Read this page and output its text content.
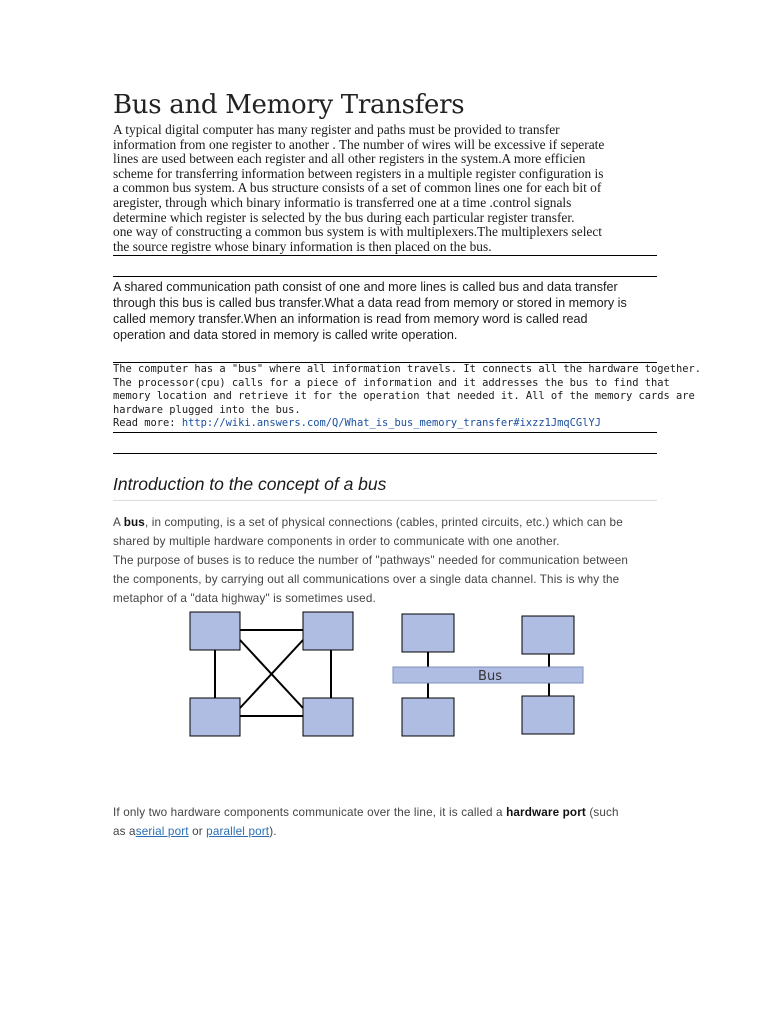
Bus and Memory Transfers
A typical digital computer has many register and paths must be provided to transfer
information from one register to another . The number of wires will be excessive if seperate
lines are used between each register and all other registers in the system.A more efficien
scheme for transferring information between registers in a multiple register configuration is
a common bus system. A bus structure consists of a set of common lines one for each bit of
aregister, through which binary informatio is transferred one at a time .control signals
determine which register is selected by the bus during each particular register transfer.
one way of constructing a common bus system is with multiplexers.The multiplexers select
the source registre whose binary information is then placed on the bus.
A shared communication path consist of one and more lines is called bus and data transfer
through this bus is called bus transfer.What a data read from memory or stored in memory is
called memory transfer.When an information is read from memory word is called read
operation and data stored in memory is called write operation.
The computer has a "bus" where all information travels. It connects all the hardware together.
The processor(cpu) calls for a piece of information and it addresses the bus to find that
memory location and retrieve it for the operation that needed it. All of the memory cards are
hardware plugged into the bus.
Read more: http://wiki.answers.com/Q/What_is_bus_memory_transfer#ixzz1JmqCGlYJ
Introduction to the concept of a bus
A bus, in computing, is a set of physical connections (cables, printed circuits, etc.) which can be
shared by multiple hardware components in order to communicate with one another.
The purpose of buses is to reduce the number of "pathways" needed for communication between
the components, by carrying out all communications over a single data channel. This is why the
metaphor of a "data highway" is sometimes used.
Bus
If only two hardware components communicate over the line, it is called a hardware port (such
as aserial port or parallel port).
